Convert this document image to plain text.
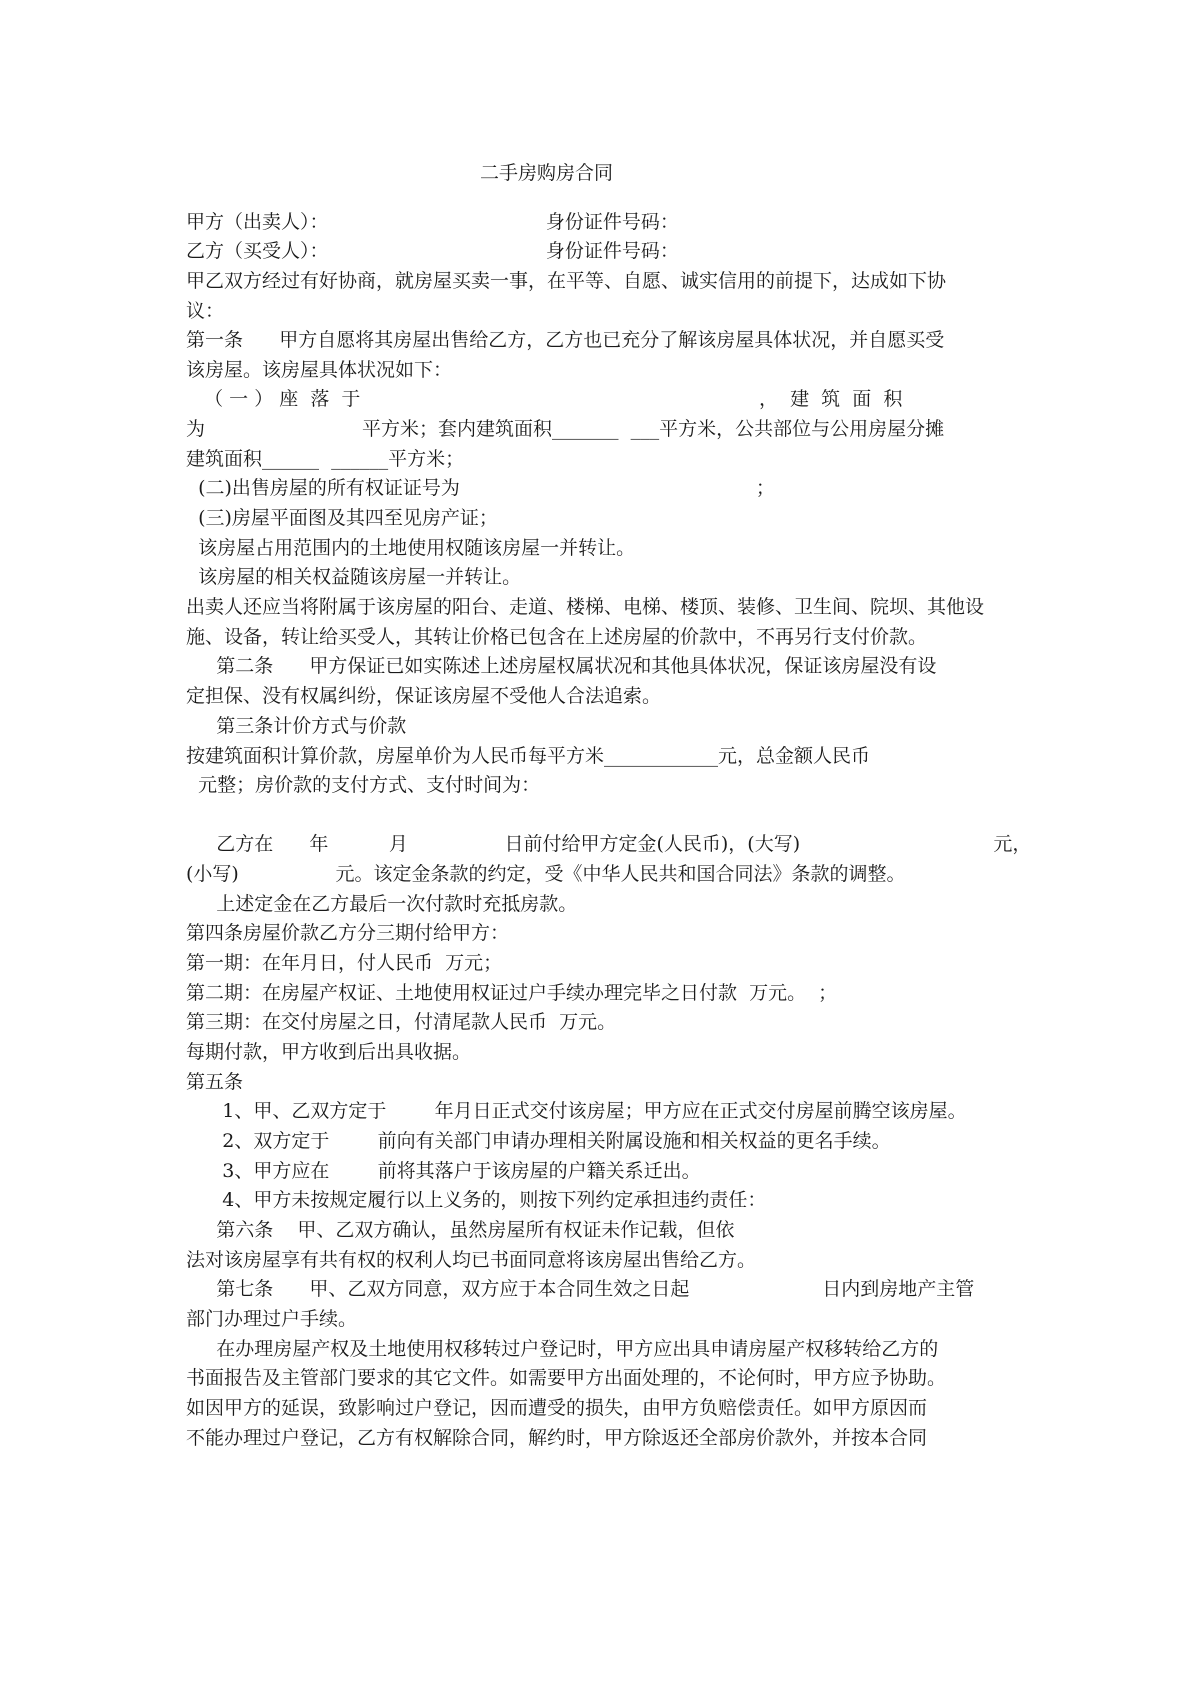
二手房购房合同

甲方（出卖人）：                                    身份证件号码：

乙方（买受人）：                                    身份证件号码：

甲乙双方经过有好协商，就房屋买卖一事，在平等、自愿、诚实信用的前提下，达成如下协

议：

第一条      甲方自愿将其房屋出售给乙方，乙方也已充分了解该房屋具体状况，并自愿买受

该房屋。该房屋具体状况如下：

（ 一 ） 座  落  于                                                                  ，  建  筑  面  积

为                          平方米；套内建筑面积_______  ___平方米，公共部位与公用房屋分摊

建筑面积______  ______平方米；

(二)出售房屋的所有权证证号为                                                 ；

(三)房屋平面图及其四至见房产证；

该房屋占用范围内的土地使用权随该房屋一并转让。

该房屋的相关权益随该房屋一并转让。

出卖人还应当将附属于该房屋的阳台、走道、楼梯、电梯、楼顶、装修、卫生间、院坝、其他设

施、设备，转让给买受人，其转让价格已包含在上述房屋的价款中，不再另行支付价款。

第二条      甲方保证已如实陈述上述房屋权属状况和其他具体状况，保证该房屋没有设

定担保、没有权属纠纷，保证该房屋不受他人合法追索。

第三条计价方式与价款

按建筑面积计算价款，房屋单价为人民币每平方米____________元，总金额人民币

元整；房价款的支付方式、支付时间为：

乙方在      年          月                日前付给甲方定金(人民币)，(大写)                                元，

(小写)                元。该定金条款的约定，受《中华人民共和国合同法》条款的调整。

上述定金在乙方最后一次付款时充抵房款。

第四条房屋价款乙方分三期付给甲方：

第一期：在年月日，付人民币  万元；

第二期：在房屋产权证、土地使用权证过户手续办理完毕之日付款  万元。  ；

第三期：在交付房屋之日，付清尾款人民币  万元。

每期付款，甲方收到后出具收据。

第五条

1、甲、乙双方定于        年月日正式交付该房屋；甲方应在正式交付房屋前腾空该房屋。

2、双方定于        前向有关部门申请办理相关附属设施和相关权益的更名手续。

3、甲方应在        前将其落户于该房屋的户籍关系迁出。

4、甲方未按规定履行以上义务的，则按下列约定承担违约责任：

第六条    甲、乙双方确认，虽然房屋所有权证未作记载，但依

法对该房屋享有共有权的权利人均已书面同意将该房屋出售给乙方。

第七条      甲、乙双方同意，双方应于本合同生效之日起                      日内到房地产主管

部门办理过户手续。

在办理房屋产权及土地使用权移转过户登记时，甲方应出具申请房屋产权移转给乙方的

书面报告及主管部门要求的其它文件。如需要甲方出面处理的，不论何时，甲方应予协助。

如因甲方的延误，致影响过户登记，因而遭受的损失，由甲方负赔偿责任。如甲方原因而

不能办理过户登记，乙方有权解除合同，解约时，甲方除返还全部房价款外，并按本合同
